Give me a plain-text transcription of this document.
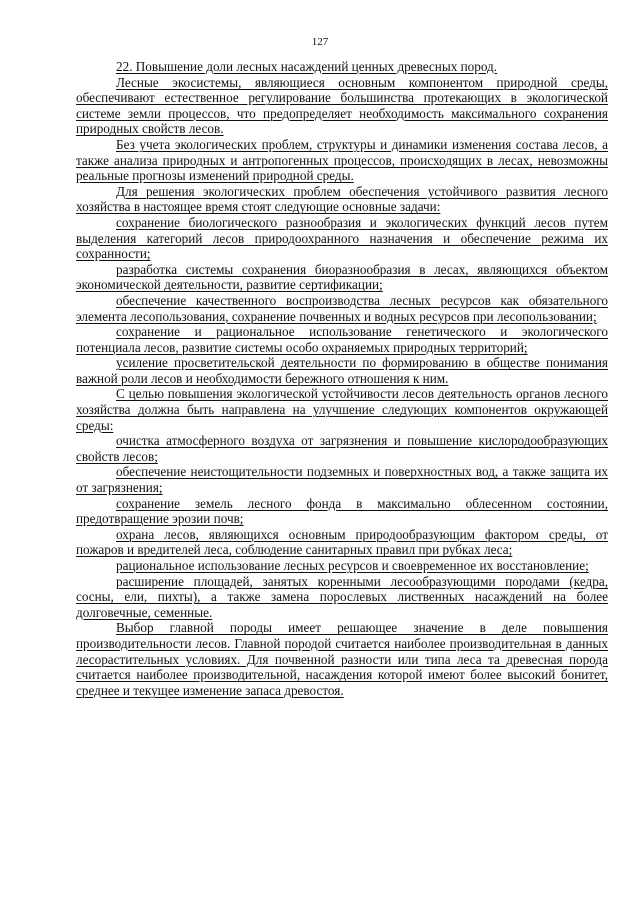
127

22. Повышение доли лесных насаждений ценных древесных пород.

Лесные экосистемы, являющиеся основным компонентом природной среды, обеспечивают естественное регулирование большинства протекающих в экологической системе земли процессов, что предопределяет необходимость максимального сохранения природных свойств лесов.

Без учета экологических проблем, структуры и динамики изменения состава лесов, а также анализа природных и антропогенных процессов, происходящих в лесах, невозможны реальные прогнозы изменений природной среды.

Для решения экологических проблем обеспечения устойчивого развития лесного хозяйства в настоящее время стоят следующие основные задачи:

сохранение биологического разнообразия и экологических функций лесов путем выделения категорий лесов природоохранного назначения и обеспечение режима их сохранности;

разработка системы сохранения биоразнообразия в лесах, являющихся объектом экономической деятельности, развитие сертификации;

обеспечение качественного воспроизводства лесных ресурсов как обязательного элемента лесопользования, сохранение почвенных и водных ресурсов при лесопользовании;

сохранение и рациональное использование генетического и экологического потенциала лесов, развитие системы особо охраняемых природных территорий;

усиление просветительской деятельности по формированию в обществе понимания важной роли лесов и необходимости бережного отношения к ним.

С целью повышения экологической устойчивости лесов деятельность органов лесного хозяйства должна быть направлена на улучшение следующих компонентов окружающей среды:

очистка атмосферного воздуха от загрязнения и повышение кислородообразующих свойств лесов;

обеспечение неистощительности подземных и поверхностных вод, а также защита их от загрязнения;

сохранение земель лесного фонда в максимально облесенном состоянии, предотвращение эрозии почв;

охрана лесов, являющихся основным природообразующим фактором среды, от пожаров и вредителей леса, соблюдение санитарных правил при рубках леса;

рациональное использование лесных ресурсов и своевременное их восстановление;

расширение площадей, занятых коренными лесообразующими породами (кедра, сосны, ели, пихты), а также замена порослевых лиственных насаждений на более долговечные, семенные.

Выбор главной породы имеет решающее значение в деле повышения производительности лесов. Главной породой считается наиболее производительная в данных лесорастительных условиях. Для почвенной разности или типа леса та древесная порода считается наиболее производительной, насаждения которой имеют более высокий бонитет, среднее и текущее изменение запаса древостоя.
